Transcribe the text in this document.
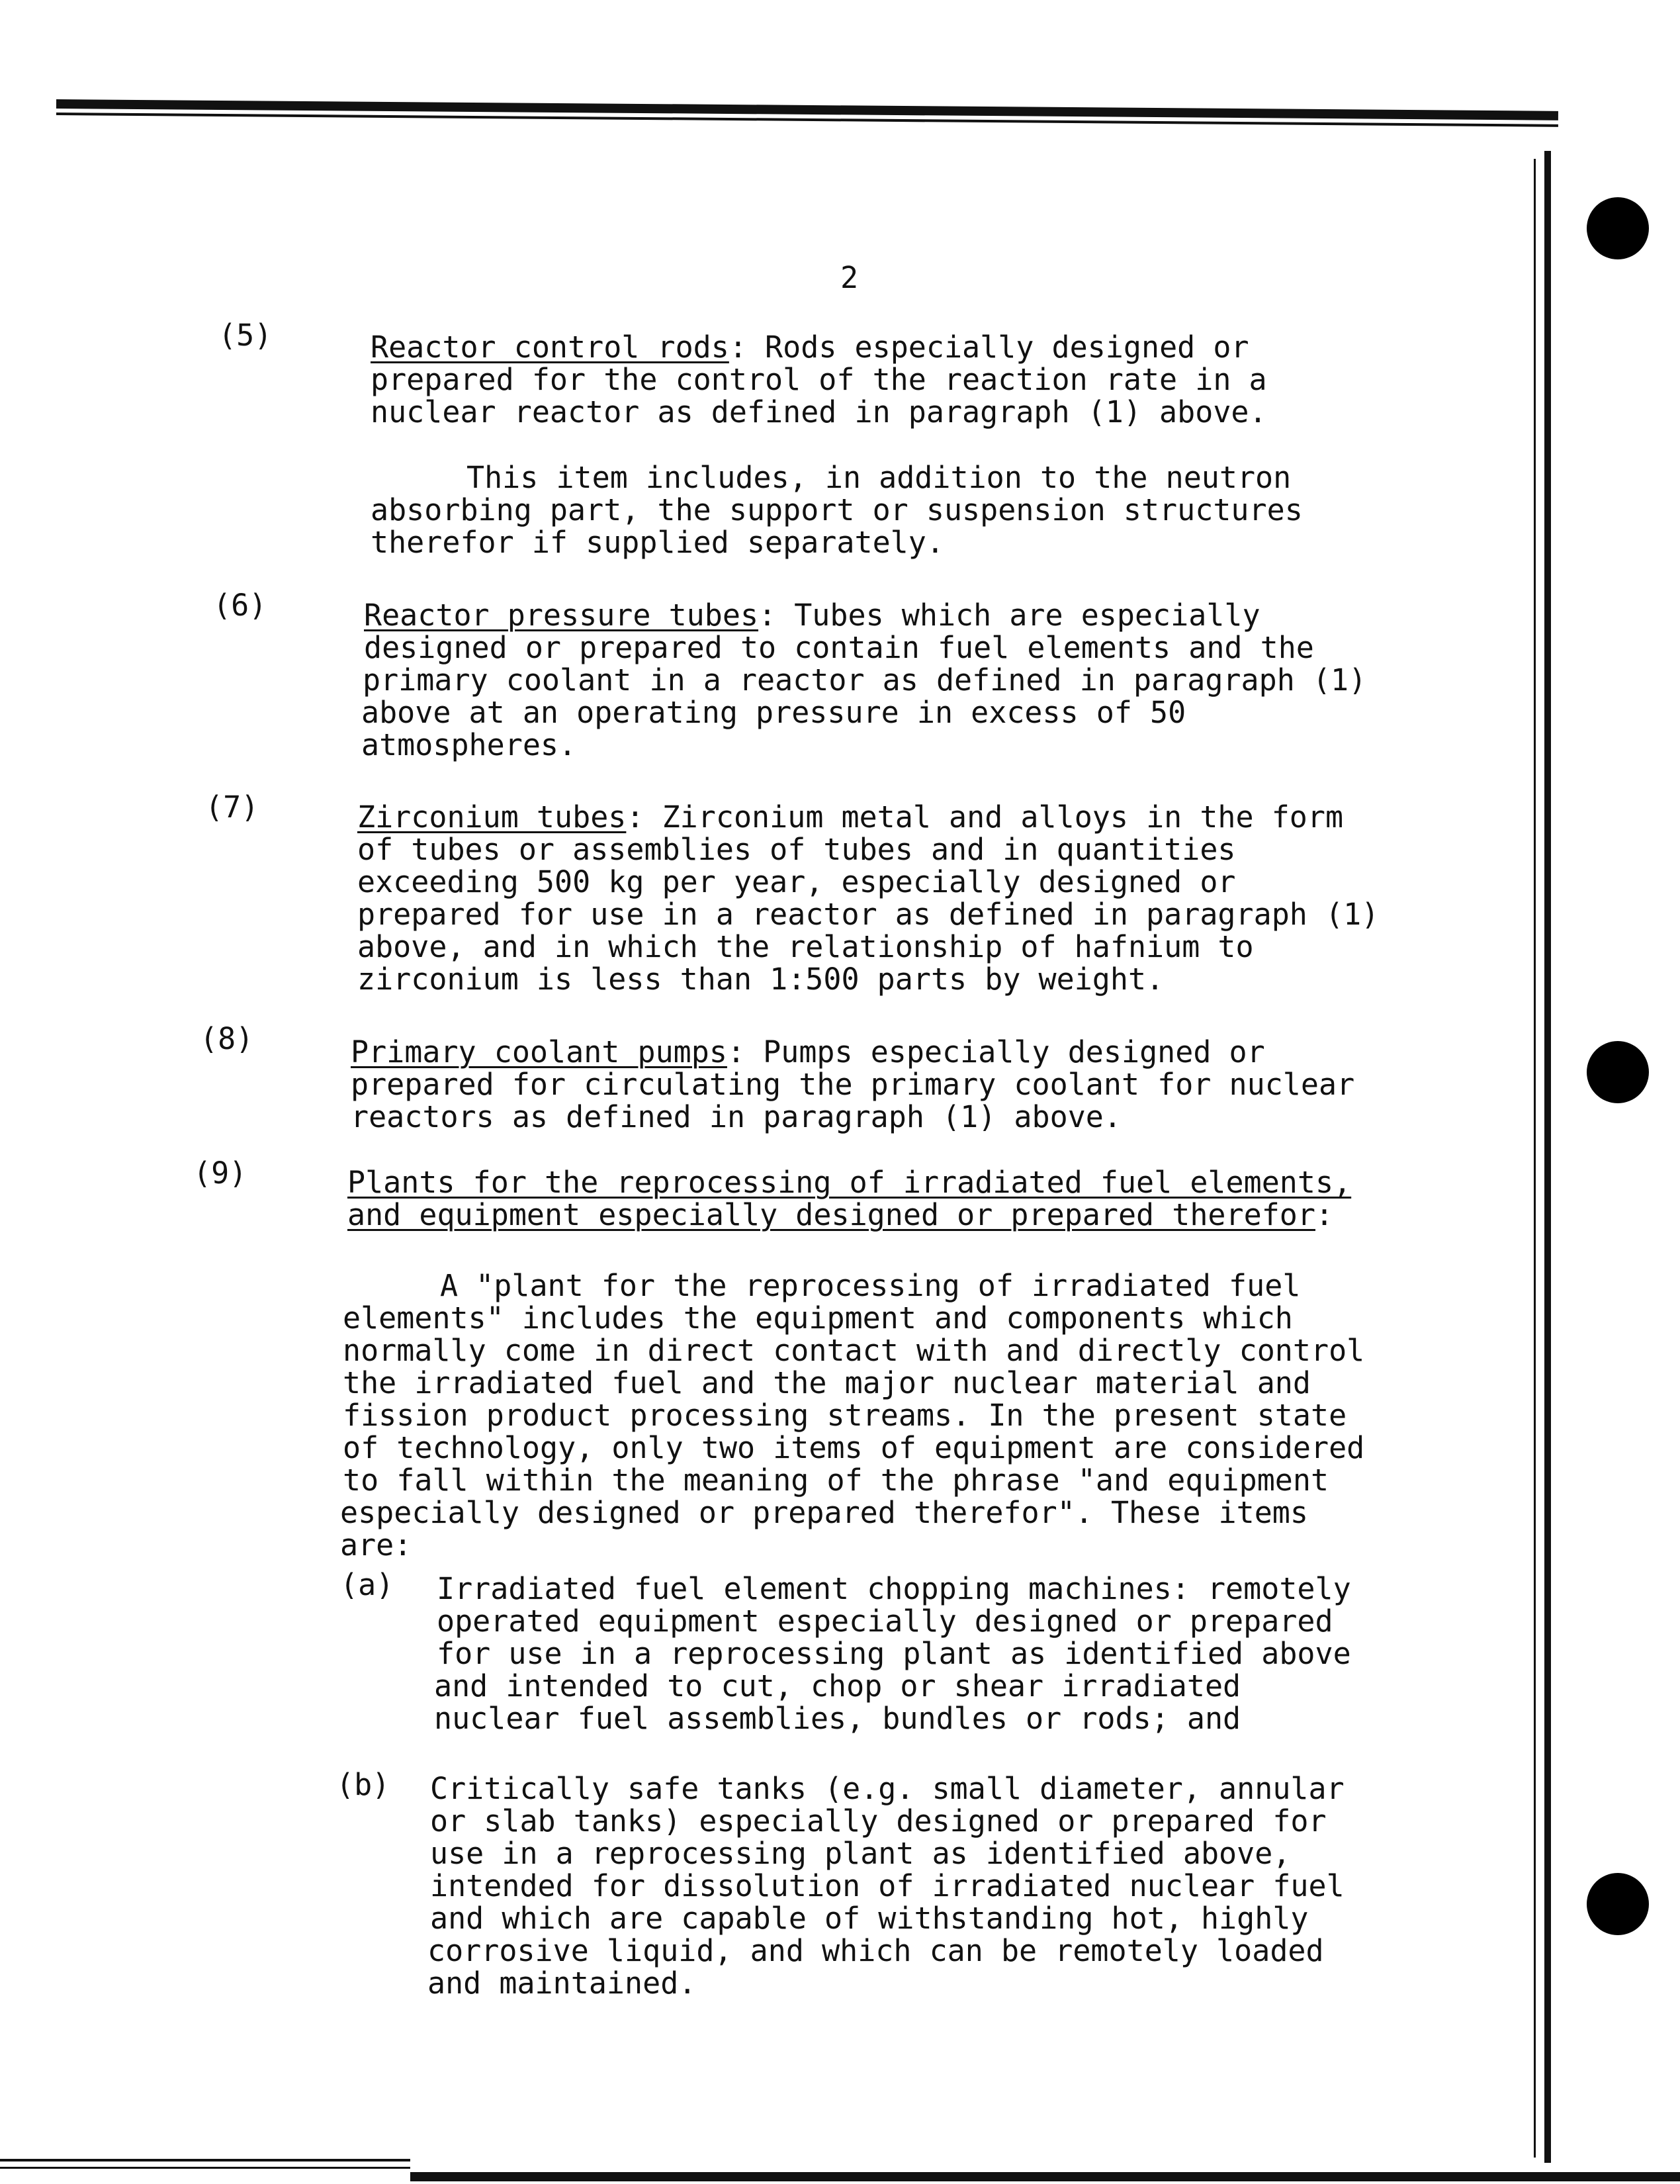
2
(5)	Reactor control rods: Rods especially designed or
prepared for the control of the reaction rate in a
nuclear reactor as defined in paragraph (1) above.
This item includes, in addition to the neutron
absorbing part, the support or suspension structures
therefor if supplied separately.
(6)	Reactor pressure tubes: Tubes which are especially
designed or prepared to contain fuel elements and the
primary coolant in a reactor as defined in paragraph (1)
above at an operating pressure in excess of 50
atmospheres.
(7)	Zirconium tubes: Zirconium metal and alloys in the form
of tubes or assemblies of tubes and in quantities
exceeding 500 kg per year, especially designed or
prepared for use in a reactor as defined in paragraph (1)
above, and in which the relationship of hafnium to
zirconium is less than 1:500 parts by weight.
(8)	Primary coolant pumps: Pumps especially designed or
prepared for circulating the primary coolant for nuclear
reactors as defined in paragraph (1) above.
(9)	Plants for the reprocessing of irradiated fuel elements,
and equipment especially designed or prepared therefor:
A "plant for the reprocessing of irradiated fuel
elements" includes the equipment and components which
normally come in direct contact with and directly control
the irradiated fuel and the major nuclear material and
fission product processing streams. In the present state
of technology, only two items of equipment are considered
to fall within the meaning of the phrase "and equipment
especially designed or prepared therefor". These items
are:
(a) Irradiated fuel element chopping machines: remotely
operated equipment especially designed or prepared
for use in a reprocessing plant as identified above
and intended to cut, chop or shear irradiated
nuclear fuel assemblies, bundles or rods; and
(b) Critically safe tanks (e.g. small diameter, annular
or slab tanks) especially designed or prepared for
use in a reprocessing plant as identified above,
intended for dissolution of irradiated nuclear fuel
and which are capable of withstanding hot, highly
corrosive liquid, and which can be remotely loaded
and maintained.
